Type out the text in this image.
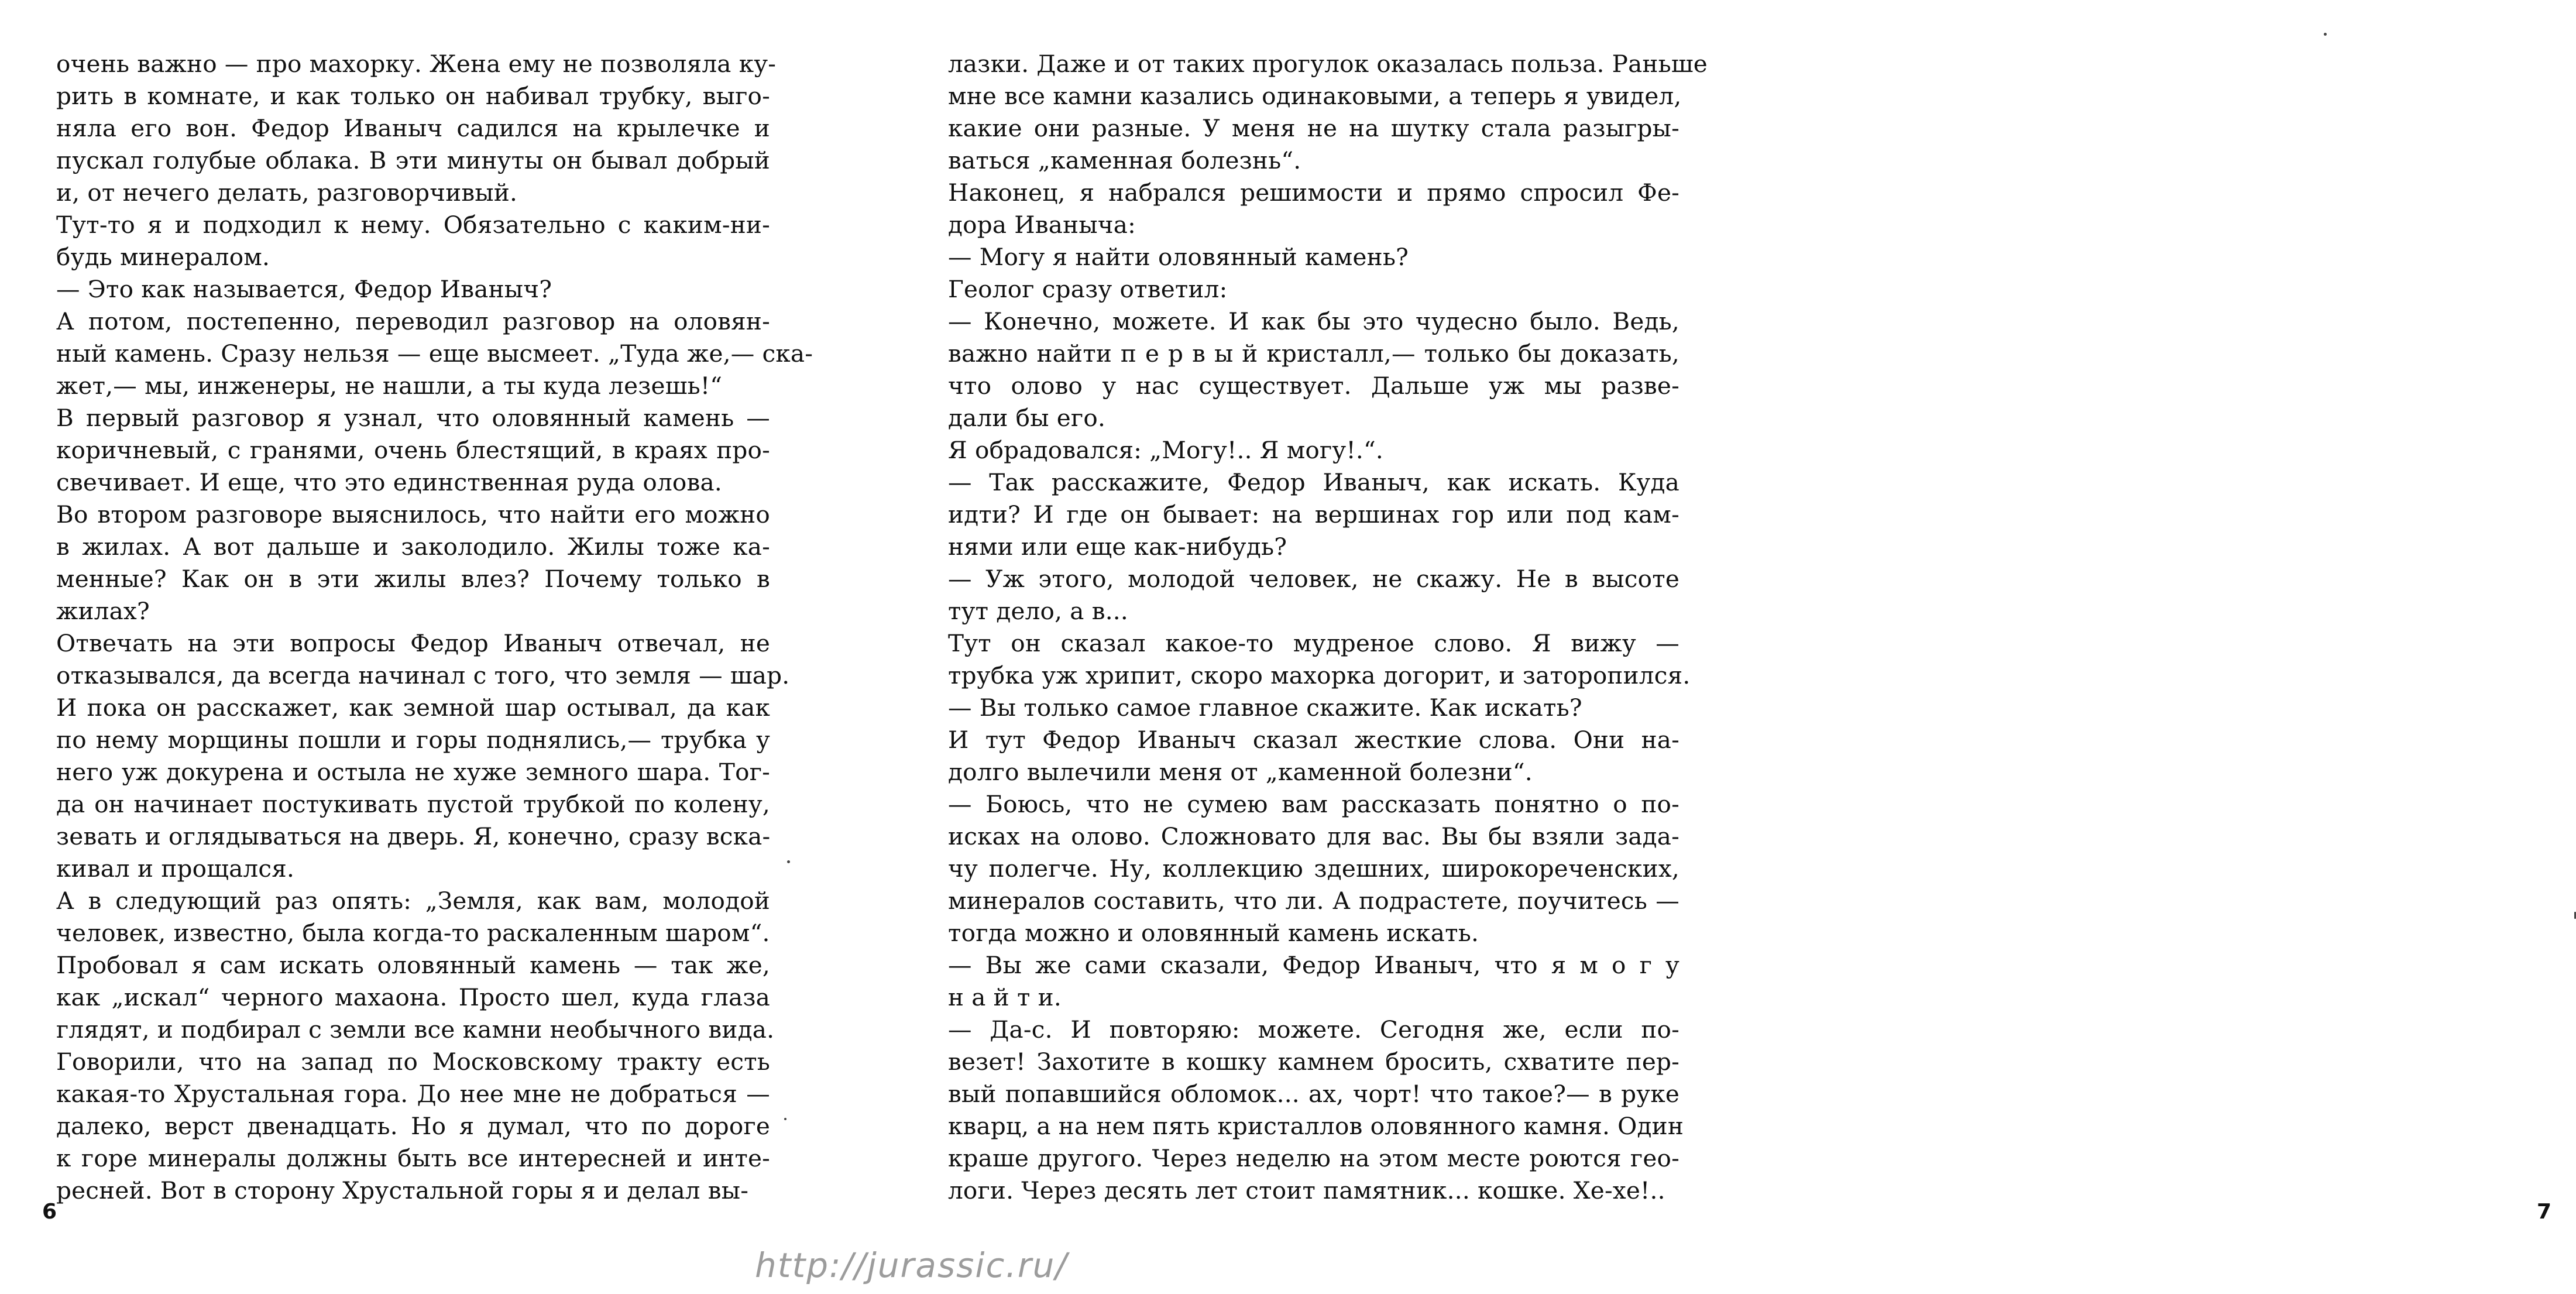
очень важно — про махорку. Жена ему не позволяла ку-
рить в комнате, и как только он набивал трубку, выго-
няла его вон. Федор Иваныч садился на крылечке и
пускал голубые облака. В эти минуты он бывал добрый
и, от нечего делать, разговорчивый.
Тут-то я и подходил к нему. Обязательно с каким-ни-
будь минералом.
— Это как называется, Федор Иваныч?
А потом, постепенно, переводил разговор на оловян-
ный камень. Сразу нельзя — еще высмеет. „Туда же,— ска-
жет,— мы, инженеры, не нашли, а ты куда лезешь!“
В первый разговор я узнал, что оловянный камень —
коричневый, с гранями, очень блестящий, в краях про-
свечивает. И еще, что это единственная руда олова.
Во втором разговоре выяснилось, что найти его можно
в жилах. А вот дальше и заколодило. Жилы тоже ка-
менные? Как он в эти жилы влез? Почему только в
жилах?
Отвечать на эти вопросы Федор Иваныч отвечал, не
отказывался, да всегда начинал с того, что земля — шар.
И пока он расскажет, как земной шар остывал, да как
по нему морщины пошли и горы поднялись,— трубка у
него уж докурена и остыла не хуже земного шара. Тог-
да он начинает постукивать пустой трубкой по колену,
зевать и оглядываться на дверь. Я, конечно, сразу вска-
кивал и прощался.
А в следующий раз опять: „Земля, как вам, молодой
человек, известно, была когда-то раскаленным шаром“.
Пробовал я сам искать оловянный камень — так же,
как „искал“ черного махаона. Просто шел, куда глаза
глядят, и подбирал с земли все камни необычного вида.
Говорили, что на запад по Московскому тракту есть
какая-то Хрустальная гора. До нее мне не добраться —
далеко, верст двенадцать. Но я думал, что по дороге
к горе минералы должны быть все интересней и инте-
ресней. Вот в сторону Хрустальной горы я и делал вы-
6
лазки. Даже и от таких прогулок оказалась польза. Раньше
мне все камни казались одинаковыми, а теперь я увидел,
какие они разные. У меня не на шутку стала разыгры-
ваться „каменная болезнь“.
Наконец, я набрался решимости и прямо спросил Фе-
дора Иваныча:
— Могу я найти оловянный камень?
Геолог сразу ответил:
— Конечно, можете. И как бы это чудесно было. Ведь,
важно найти п е р в ы й кристалл,— только бы доказать,
что олово у нас существует. Дальше уж мы разве-
дали бы его.
Я обрадовался: „Могу!.. Я могу!.“.
— Так расскажите, Федор Иваныч, как искать. Куда
идти? И где он бывает: на вершинах гор или под кам-
нями или еще как-нибудь?
— Уж этого, молодой человек, не скажу. Не в высоте
тут дело, а в...
Тут он сказал какое-то мудреное слово. Я вижу —
трубка уж хрипит, скоро махорка догорит, и заторопился.
— Вы только самое главное скажите. Как искать?
И тут Федор Иваныч сказал жесткие слова. Они на-
долго вылечили меня от „каменной болезни“.
— Боюсь, что не сумею вам рассказать понятно о по-
исках на олово. Сложновато для вас. Вы бы взяли зада-
чу полегче. Ну, коллекцию здешних, широкореченских,
минералов составить, что ли. А подрастете, поучитесь —
тогда можно и оловянный камень искать.
— Вы же сами сказали, Федор Иваныч, что я м о г у
н а й т и.
— Да-с. И повторяю: можете. Сегодня же, если по-
везет! Захотите в кошку камнем бросить, схватите пер-
вый попавшийся обломок... ах, чорт! что такое?— в руке
кварц, а на нем пять кристаллов оловянного камня. Один
краше другого. Через неделю на этом месте роются гео-
логи. Через десять лет стоит памятник... кошке. Хе-хе!..
7
http://jurassic.ru/
